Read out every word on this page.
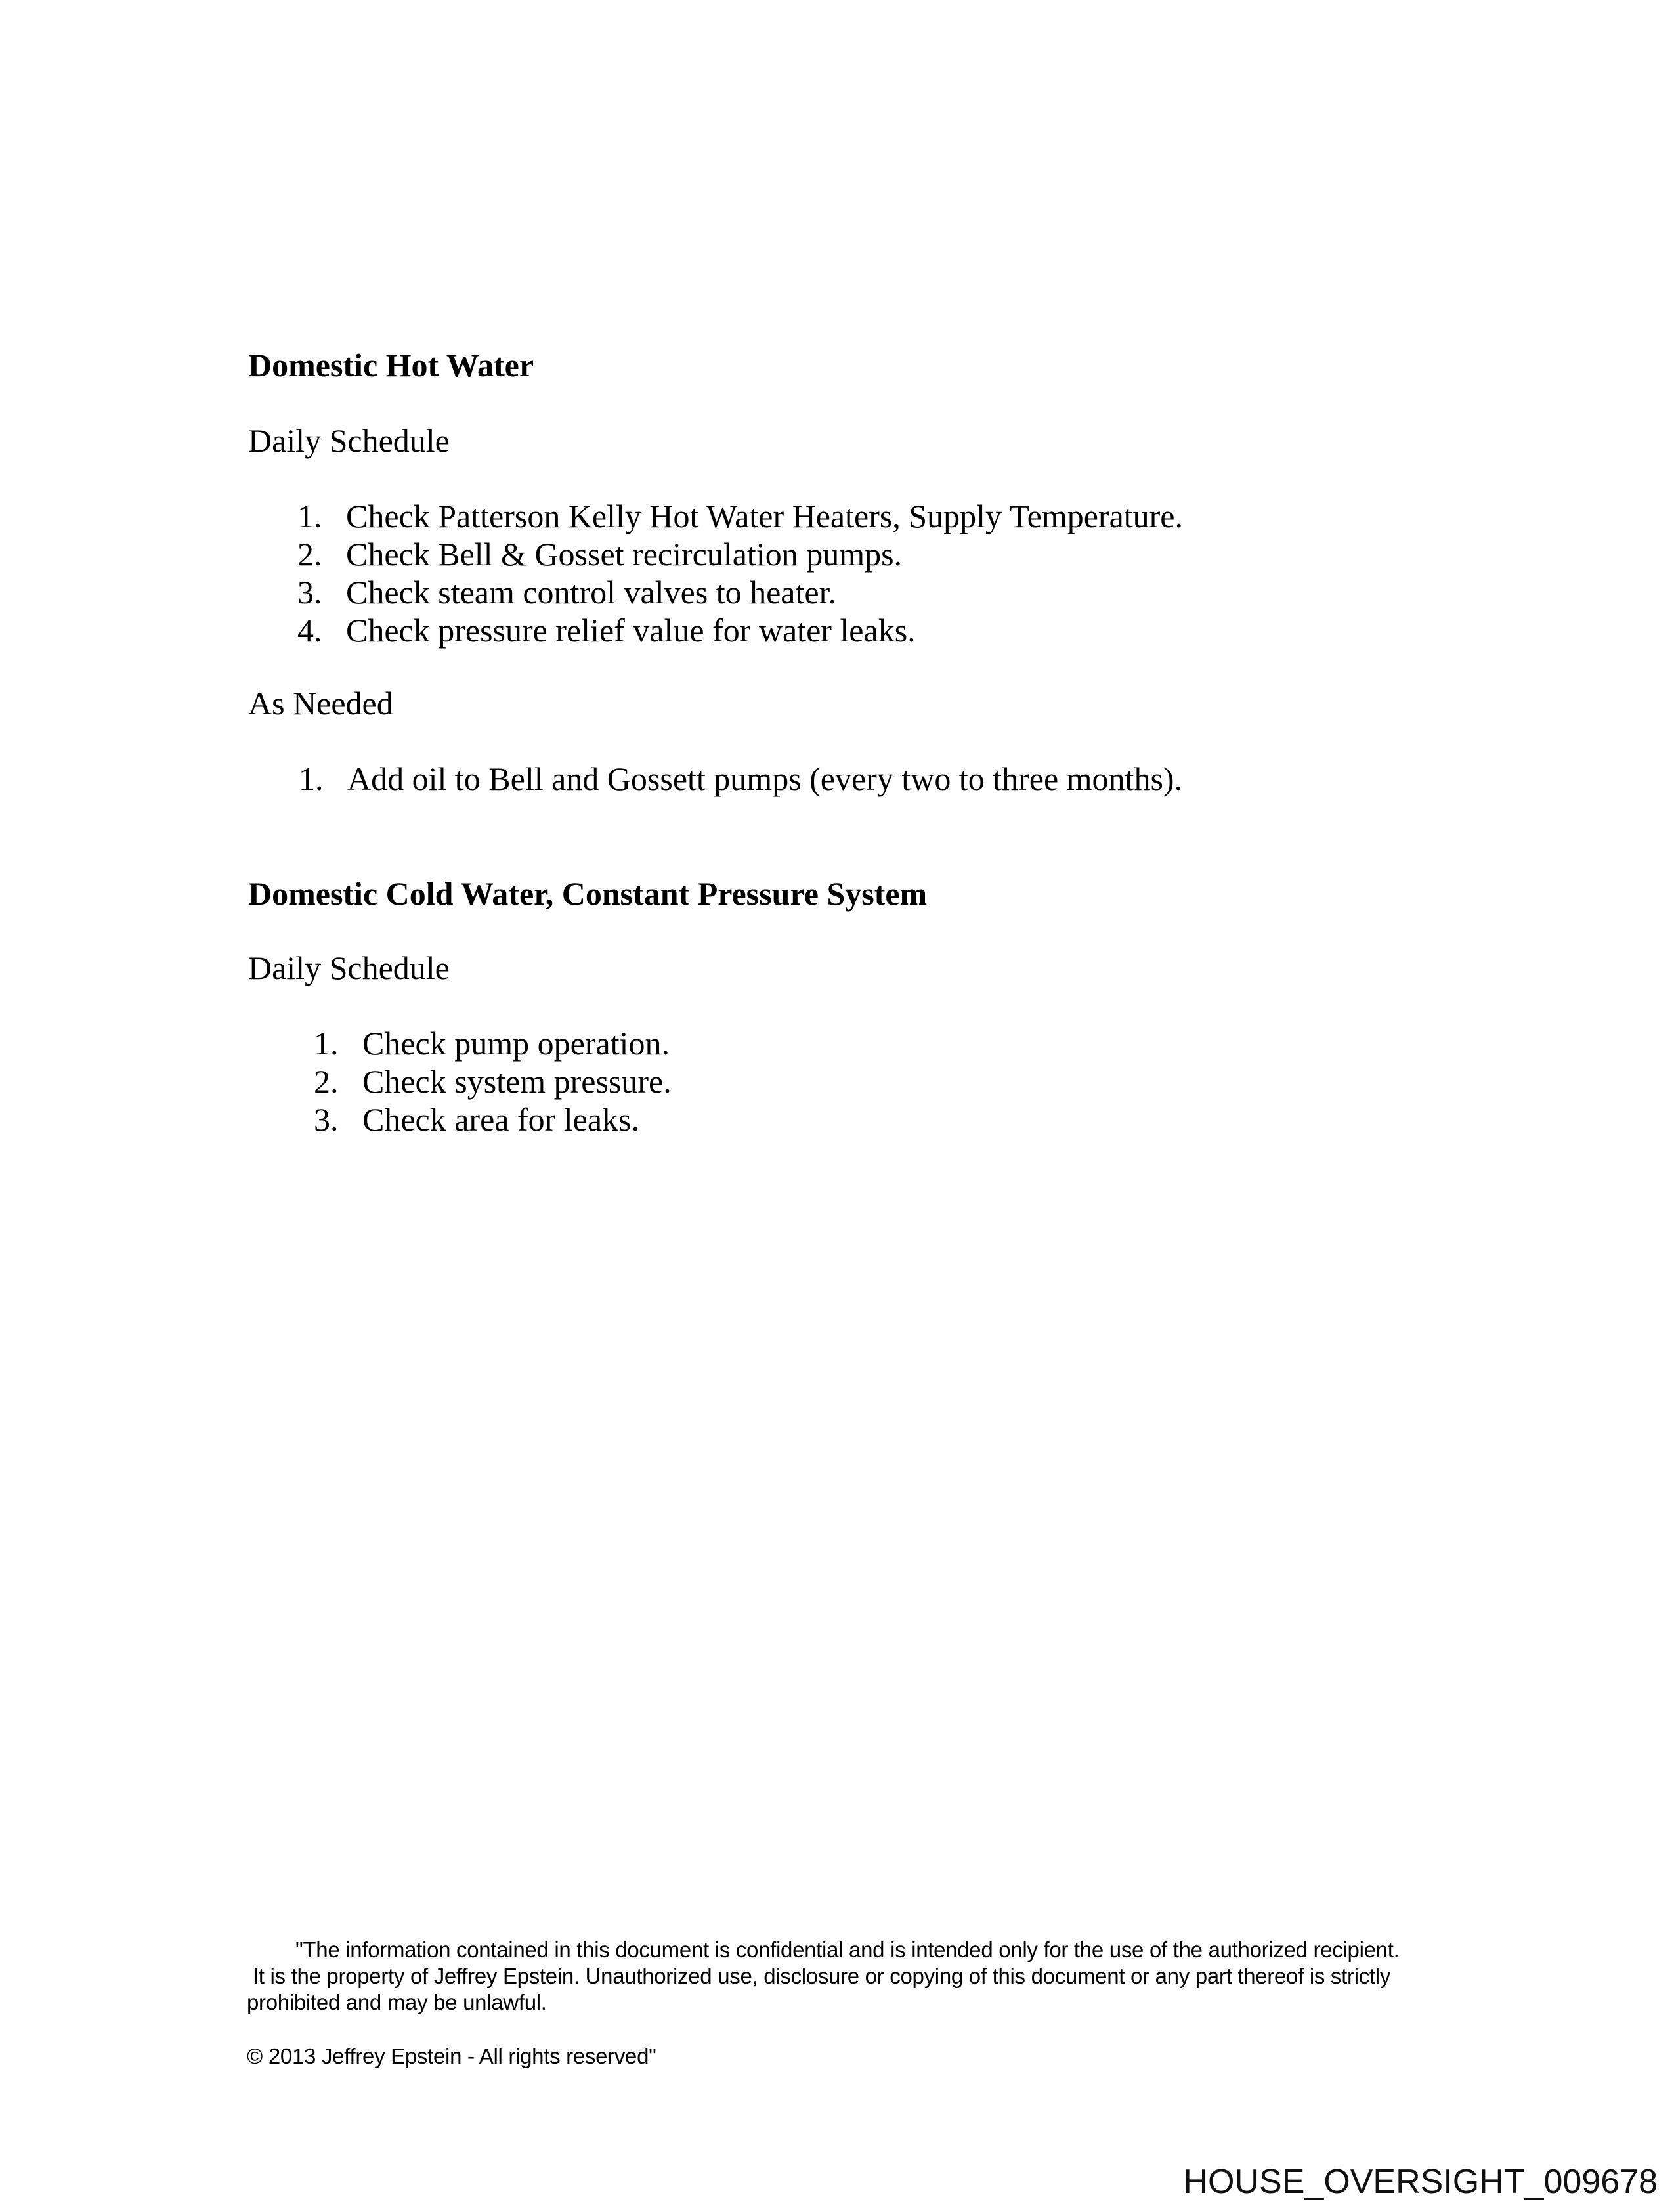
Domestic Hot Water

Daily Schedule

1. Check Patterson Kelly Hot Water Heaters, Supply Temperature.
2. Check Bell & Gosset recirculation pumps.
3. Check steam control valves to heater.
4. Check pressure relief value for water leaks.

As Needed

1. Add oil to Bell and Gossett pumps (every two to three months).

Domestic Cold Water, Constant Pressure System

Daily Schedule

1. Check pump operation.
2. Check system pressure.
3. Check area for leaks.
"The information contained in this document is confidential and is intended only for the use of the authorized recipient.
It is the property of Jeffrey Epstein. Unauthorized use, disclosure or copying of this document or any part thereof is strictly
prohibited and may be unlawful.
© 2013 Jeffrey Epstein - All rights reserved"
HOUSE_OVERSIGHT_009678
